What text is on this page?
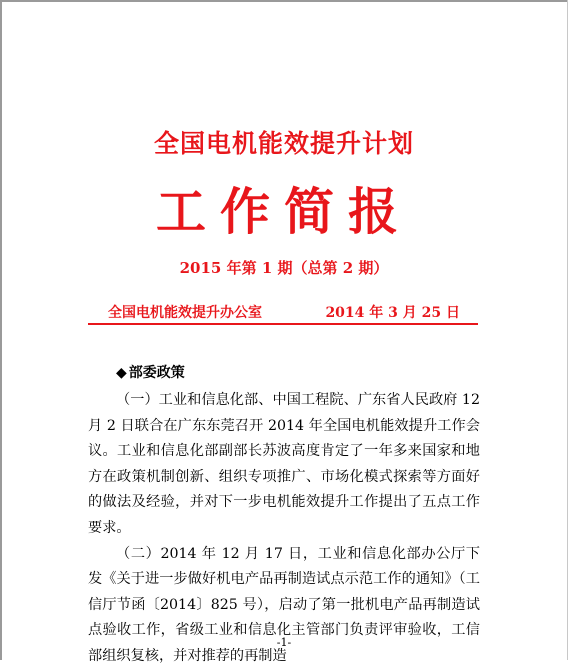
全国电机能效提升计划
工作简报
2015 年第 1 期（总第 2 期）
全国电机能效提升办公室	2014 年 3 月 25 日
◆ 部委政策

（一）工业和信息化部、中国工程院、广东省人民政府 12 月 2 日联合在广东东莞召开 2014 年全国电机能效提升工作会议。工业和信息化部副部长苏波高度肯定了一年多来国家和地方在政策机制创新、组织专项推广、市场化模式探索等方面好的做法及经验，并对下一步电机能效提升工作提出了五点工作要求。

（二）2014 年 12 月 17 日，工业和信息化部办公厅下发《关于进一步做好机电产品再制造试点示范工作的通知》（工信厅节函〔2014〕825 号），启动了第一批机电产品再制造试点验收工作，省级工业和信息化主管部门负责评审验收，工信部组织复核，并对推荐的再制造

-1-
